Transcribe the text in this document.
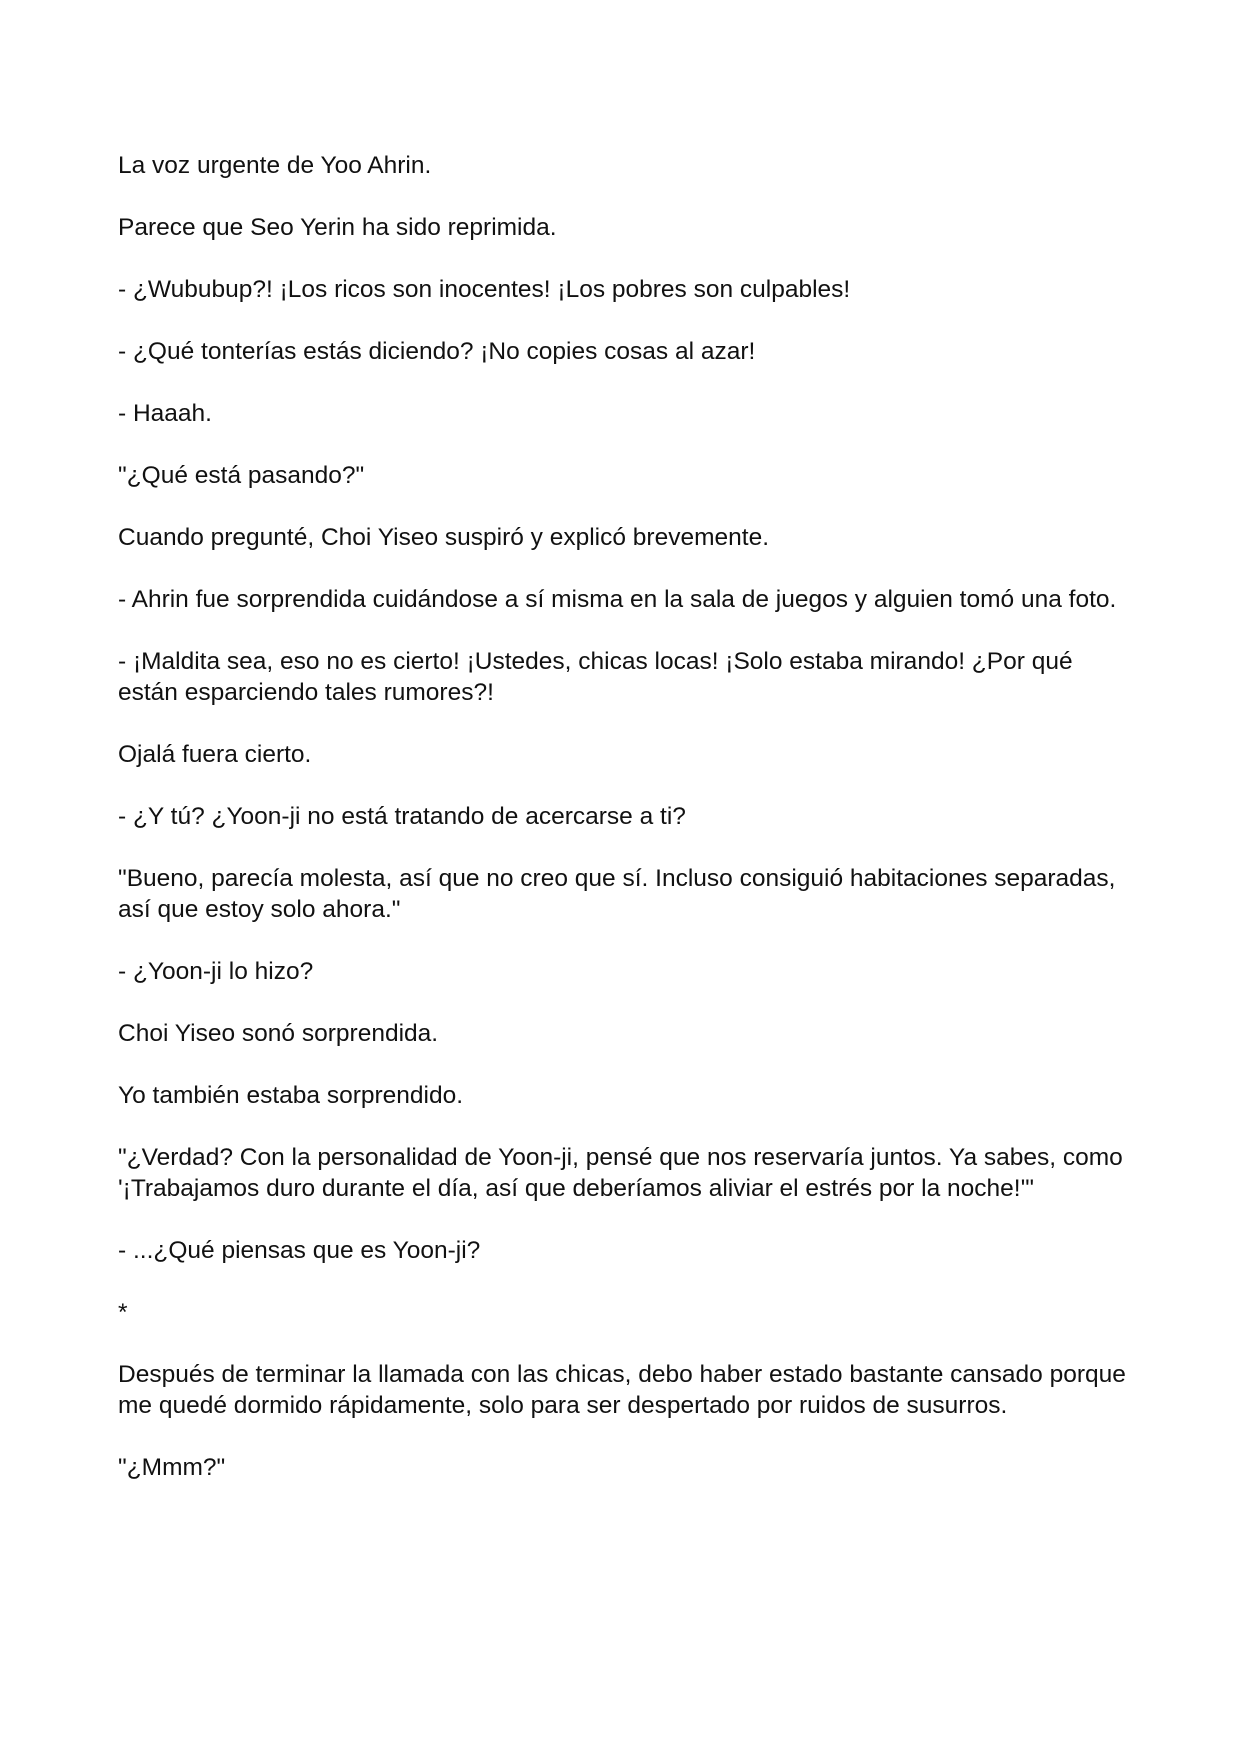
La voz urgente de Yoo Ahrin.

Parece que Seo Yerin ha sido reprimida.

- ¿Wububup?! ¡Los ricos son inocentes! ¡Los pobres son culpables!

- ¿Qué tonterías estás diciendo? ¡No copies cosas al azar!

- Haaah.

"¿Qué está pasando?"

Cuando pregunté, Choi Yiseo suspiró y explicó brevemente.

- Ahrin fue sorprendida cuidándose a sí misma en la sala de juegos y alguien tomó una foto.

- ¡Maldita sea, eso no es cierto! ¡Ustedes, chicas locas! ¡Solo estaba mirando! ¿Por qué están esparciendo tales rumores?!

Ojalá fuera cierto.

- ¿Y tú? ¿Yoon-ji no está tratando de acercarse a ti?

"Bueno, parecía molesta, así que no creo que sí. Incluso consiguió habitaciones separadas, así que estoy solo ahora."

- ¿Yoon-ji lo hizo?

Choi Yiseo sonó sorprendida.

Yo también estaba sorprendido.

"¿Verdad? Con la personalidad de Yoon-ji, pensé que nos reservaría juntos. Ya sabes, como '¡Trabajamos duro durante el día, así que deberíamos aliviar el estrés por la noche!'"

- ...¿Qué piensas que es Yoon-ji?

*

Después de terminar la llamada con las chicas, debo haber estado bastante cansado porque me quedé dormido rápidamente, solo para ser despertado por ruidos de susurros.

"¿Mmm?"
